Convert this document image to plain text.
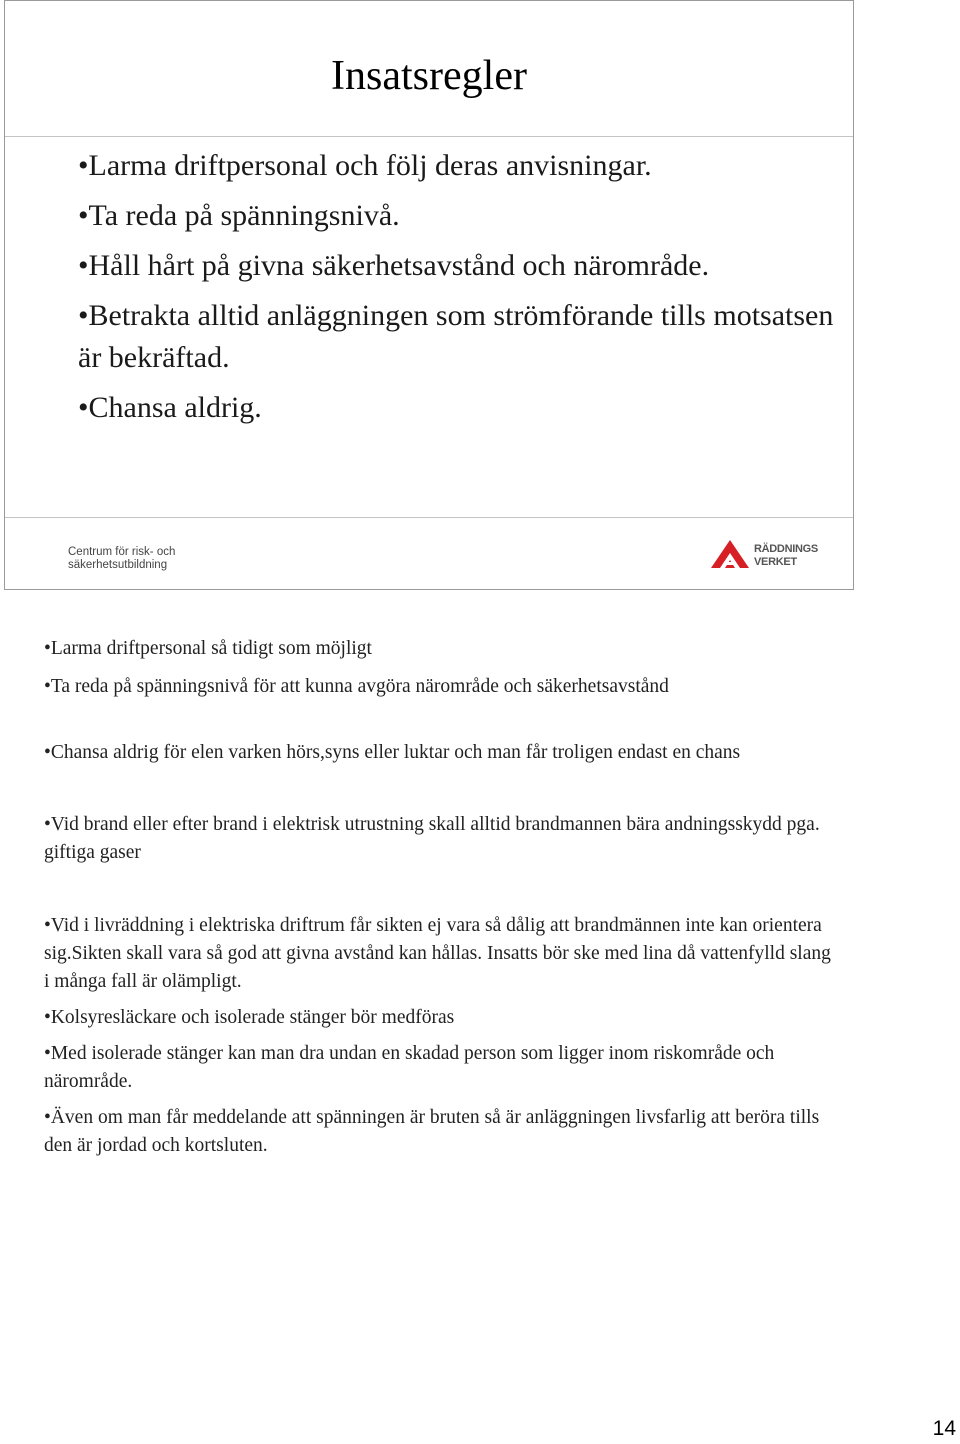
Insatsregler
•Larma driftpersonal och följ deras anvisningar.
•Ta reda på spänningsnivå.
•Håll hårt på givna säkerhetsavstånd och närområde.
•Betrakta alltid anläggningen som strömförande tills motsatsen är bekräftad.
•Chansa aldrig.
Centrum för risk- och
säkerhetsutbildning
RÄDDNINGS
VERKET
•Larma driftpersonal så tidigt som möjligt
•Ta reda på spänningsnivå för att kunna avgöra närområde och säkerhetsavstånd
•Chansa aldrig för elen varken hörs,syns eller luktar och man får troligen endast en chans
•Vid brand eller efter brand i elektrisk utrustning skall alltid brandmannen bära andningsskydd pga. giftiga gaser
•Vid i livräddning i elektriska driftrum får sikten ej vara så dålig att brandmännen inte kan orientera sig.Sikten skall vara så god att givna avstånd kan hållas. Insatts bör ske med lina då vattenfylld slang i många fall är olämpligt.
•Kolsyresläckare och isolerade stänger bör medföras
•Med isolerade stänger kan man dra undan en skadad person som ligger inom riskområde och närområde.
•Även om man får meddelande att spänningen är bruten så är anläggningen livsfarlig att beröra tills den är jordad och kortsluten.
14
